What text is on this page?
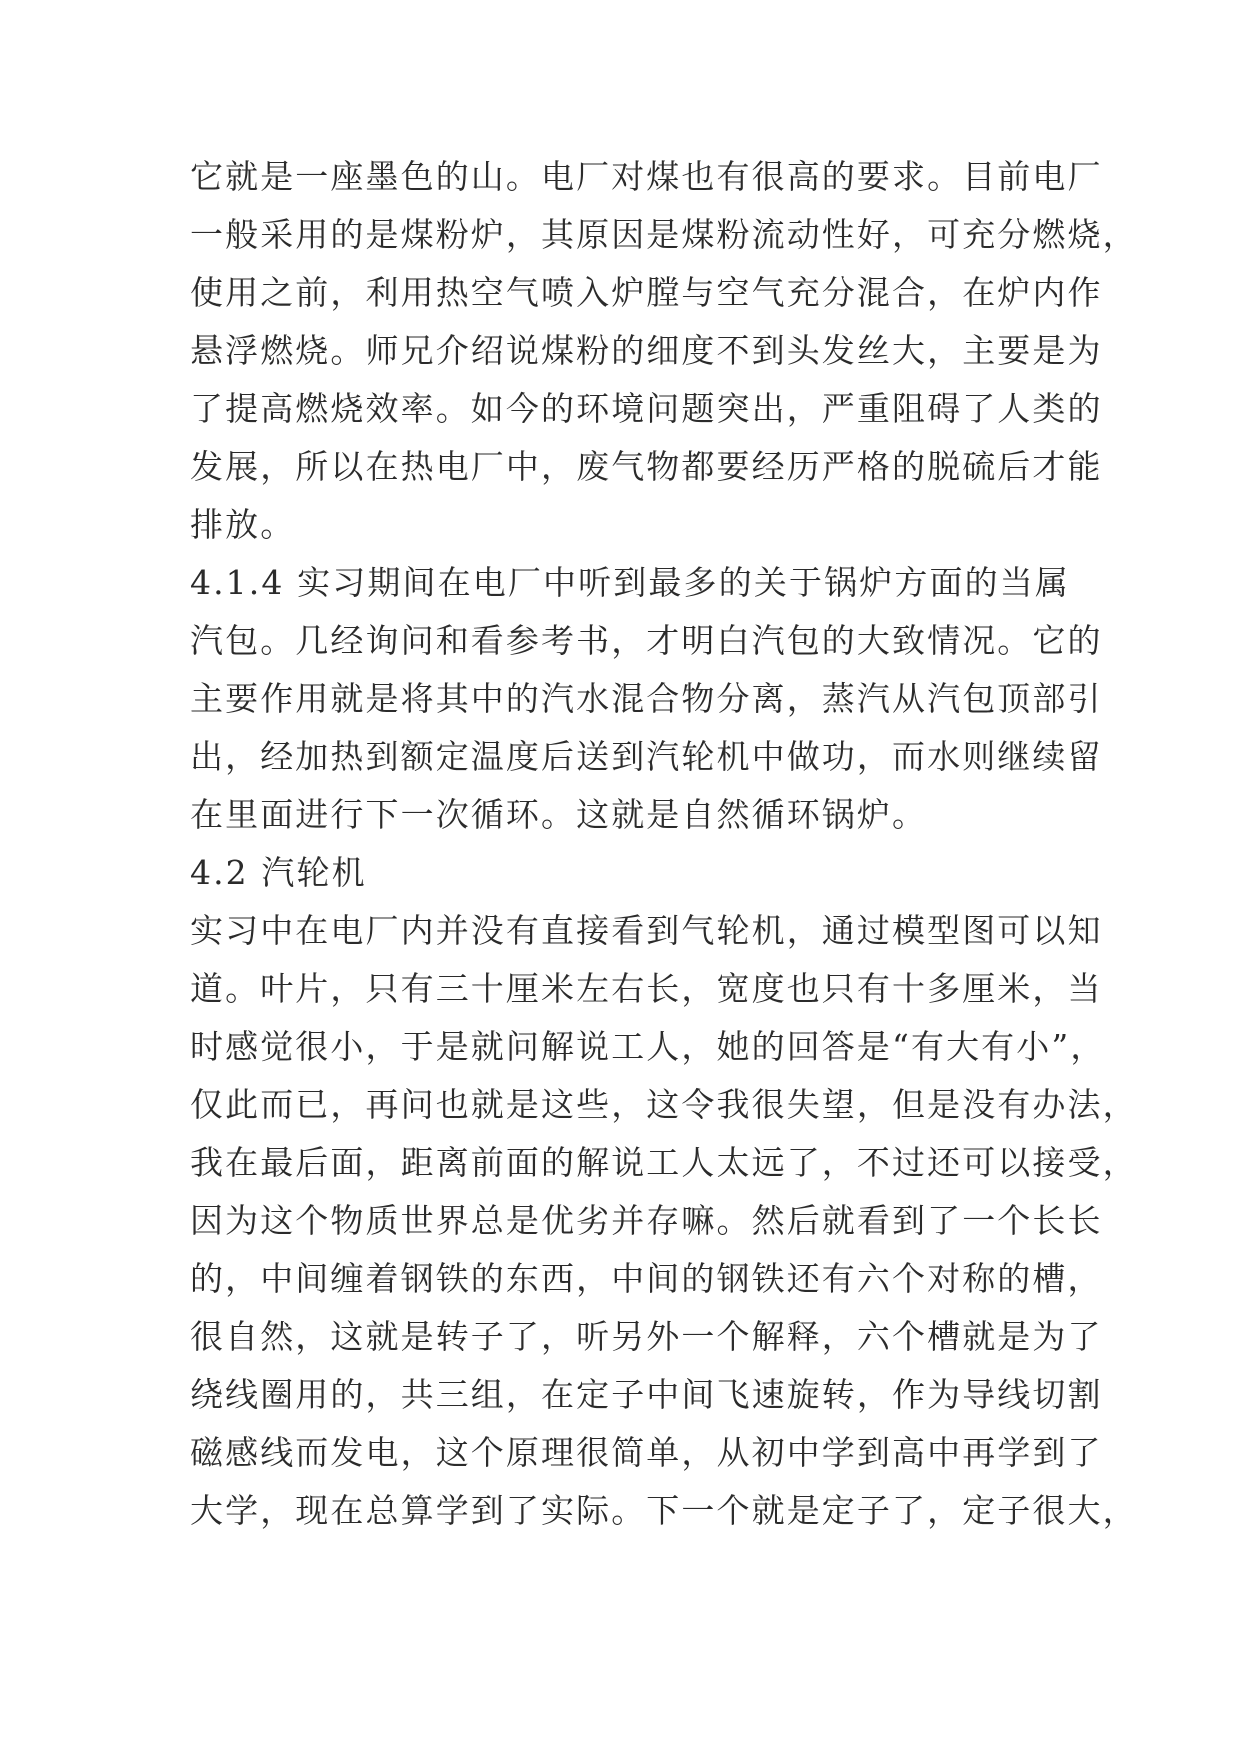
它就是一座墨色的山。电厂对煤也有很高的要求。目前电厂
一般采用的是煤粉炉，其原因是煤粉流动性好，可充分燃烧，
使用之前，利用热空气喷入炉膛与空气充分混合，在炉内作
悬浮燃烧。师兄介绍说煤粉的细度不到头发丝大，主要是为
了提高燃烧效率。如今的环境问题突出，严重阻碍了人类的
发展，所以在热电厂中，废气物都要经历严格的脱硫后才能
排放。
4.1.4 实习期间在电厂中听到最多的关于锅炉方面的当属
汽包。几经询问和看参考书，才明白汽包的大致情况。它的
主要作用就是将其中的汽水混合物分离，蒸汽从汽包顶部引
出，经加热到额定温度后送到汽轮机中做功，而水则继续留
在里面进行下一次循环。这就是自然循环锅炉。
4.2 汽轮机
实习中在电厂内并没有直接看到气轮机，通过模型图可以知
道。叶片，只有三十厘米左右长，宽度也只有十多厘米，当
时感觉很小，于是就问解说工人，她的回答是“有大有小”，
仅此而已，再问也就是这些，这令我很失望，但是没有办法，
我在最后面，距离前面的解说工人太远了，不过还可以接受，
因为这个物质世界总是优劣并存嘛。然后就看到了一个长长
的，中间缠着钢铁的东西，中间的钢铁还有六个对称的槽，
很自然，这就是转子了，听另外一个解释，六个槽就是为了
绕线圈用的，共三组，在定子中间飞速旋转，作为导线切割
磁感线而发电，这个原理很简单，从初中学到高中再学到了
大学，现在总算学到了实际。下一个就是定子了，定子很大，
